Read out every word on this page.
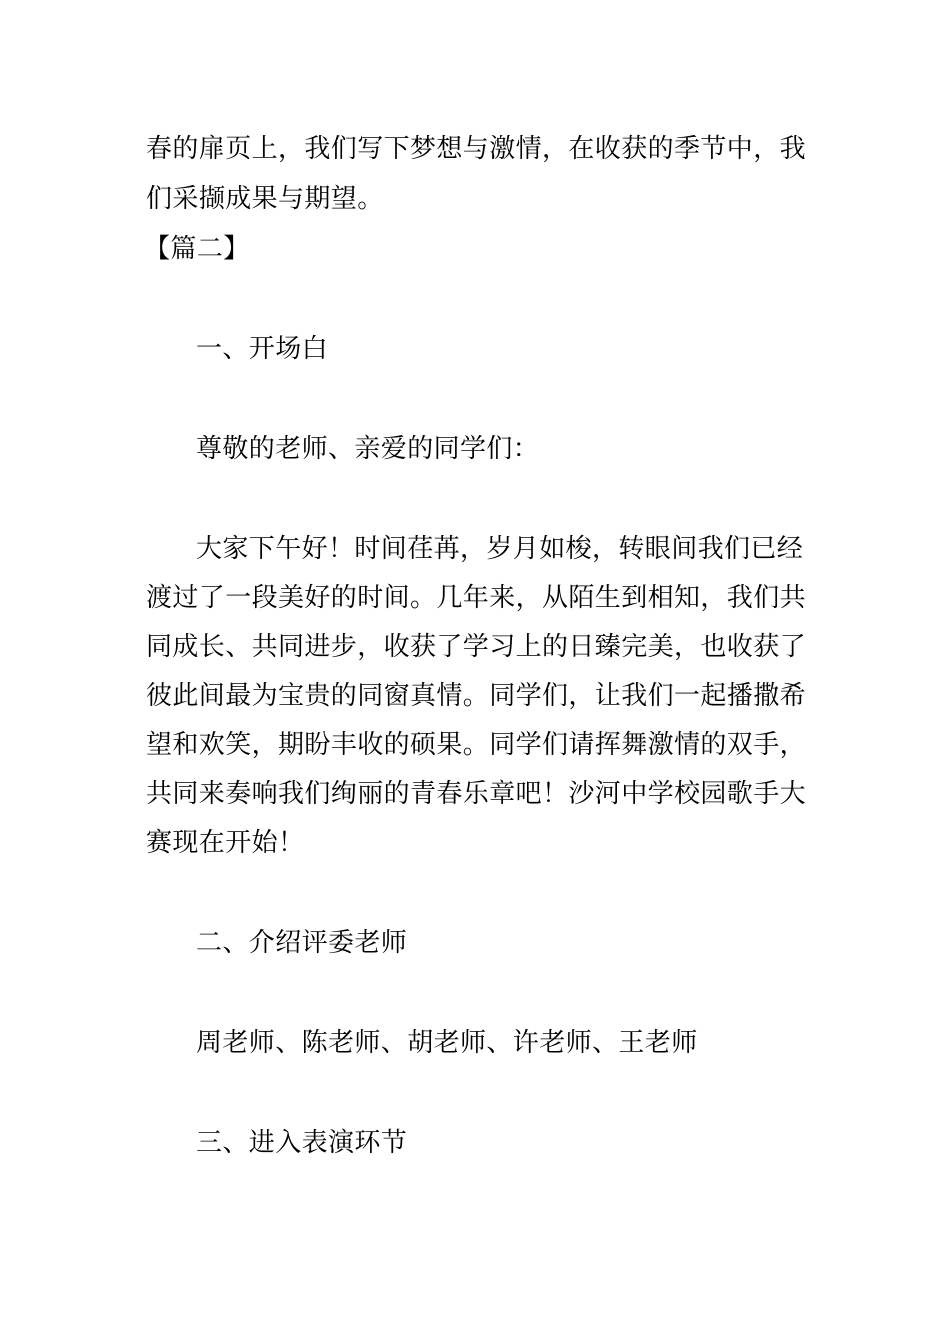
春的扉页上，我们写下梦想与激情，在收获的季节中，我
们采撷成果与期望。
【篇二】
一、开场白
尊敬的老师、亲爱的同学们：
大家下午好！时间荏苒，岁月如梭，转眼间我们已经
渡过了一段美好的时间。几年来，从陌生到相知，我们共
同成长、共同进步，收获了学习上的日臻完美，也收获了
彼此间最为宝贵的同窗真情。同学们，让我们一起播撒希
望和欢笑，期盼丰收的硕果。同学们请挥舞激情的双手，
共同来奏响我们绚丽的青春乐章吧！沙河中学校园歌手大
赛现在开始！
二、介绍评委老师
周老师、陈老师、胡老师、许老师、王老师
三、进入表演环节
